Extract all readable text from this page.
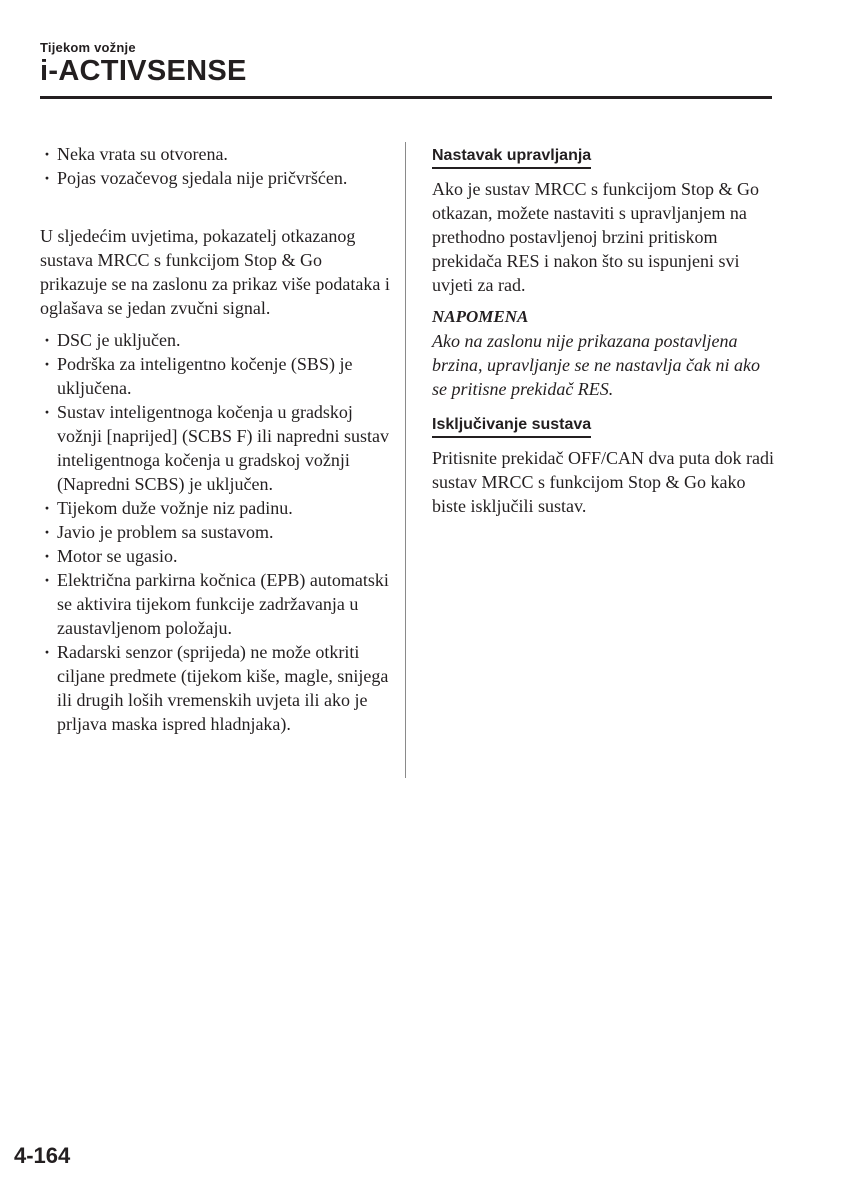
Tijekom vožnje
i-ACTIVSENSE
· Neka vrata su otvorena.
· Pojas vozačevog sjedala nije pričvršćen.

U sljedećim uvjetima, pokazatelj otkazanog sustava MRCC s funkcijom Stop & Go prikazuje se na zaslonu za prikaz više podataka i oglašava se jedan zvučni signal.

· DSC je uključen.
· Podrška za inteligentno kočenje (SBS) je uključena.
· Sustav inteligentnoga kočenja u gradskoj vožnji [naprijed] (SCBS F) ili napredni sustav inteligentnoga kočenja u gradskoj vožnji (Napredni SCBS) je uključen.
· Tijekom duže vožnje niz padinu.
· Javio je problem sa sustavom.
· Motor se ugasio.
· Električna parkirna kočnica (EPB) automatski se aktivira tijekom funkcije zadržavanja u zaustavljenom položaju.
· Radarski senzor (sprijeda) ne može otkriti ciljane predmete (tijekom kiše, magle, snijega ili drugih loših vremenskih uvjeta ili ako je prljava maska ispred hladnjaka).
Nastavak upravljanja

Ako je sustav MRCC s funkcijom Stop & Go otkazan, možete nastaviti s upravljanjem na prethodno postavljenoj brzini pritiskom prekidača RES i nakon što su ispunjeni svi uvjeti za rad.

NAPOMENA

Ako na zaslonu nije prikazana postavljena brzina, upravljanje se ne nastavlja čak ni ako se pritisne prekidač RES.

Isključivanje sustava

Pritisnite prekidač OFF/CAN dva puta dok radi sustav MRCC s funkcijom Stop & Go kako biste isključili sustav.

4-164
